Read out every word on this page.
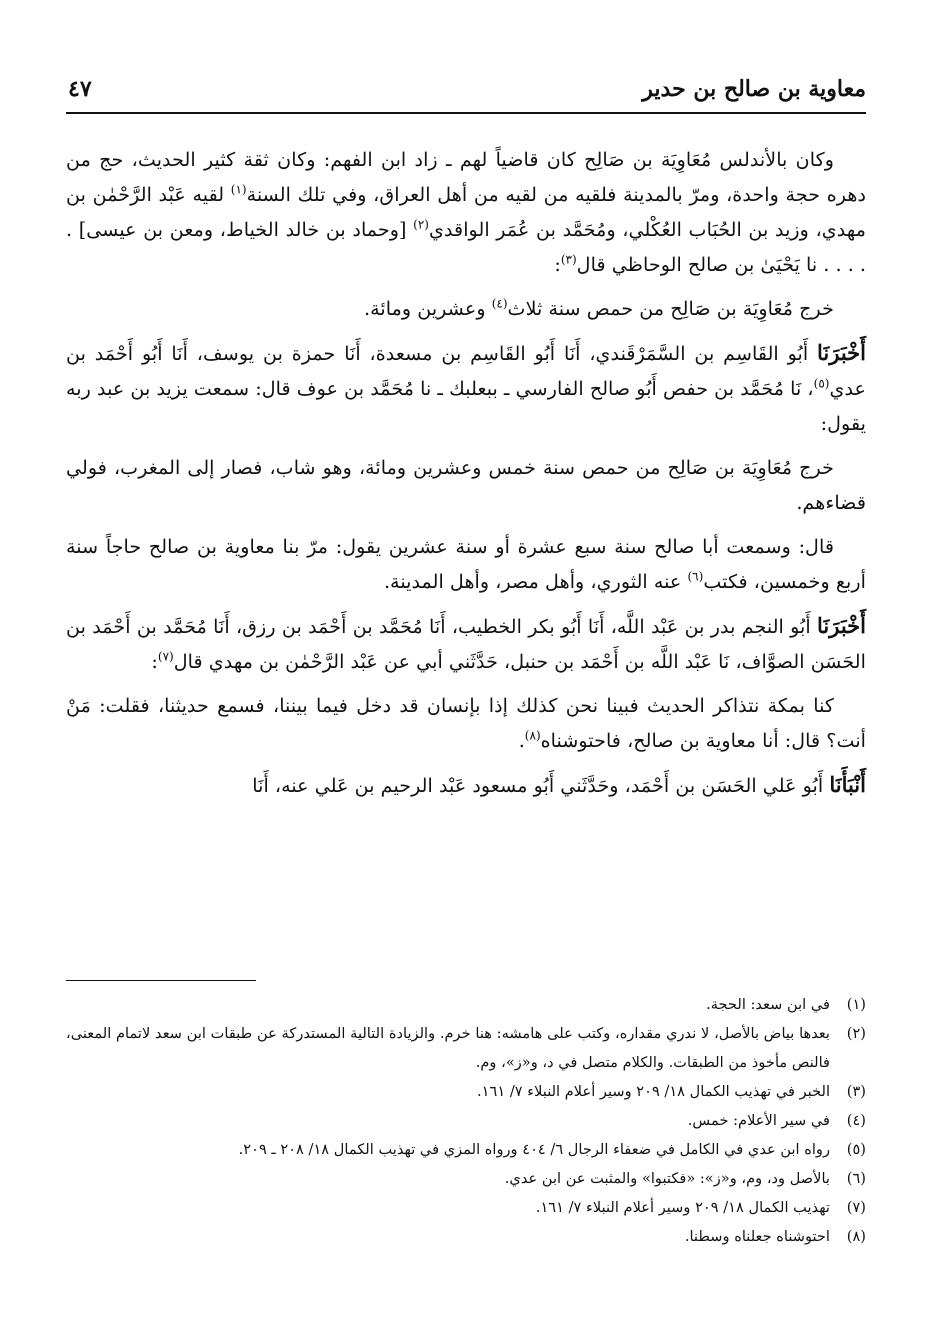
معاوية بن صالح بن حدير
٤٧

وكان بالأندلس مُعَاوِيَة بن صَالِح كان قاضياً لهم ـ زاد ابن الفهم: وكان ثقة كثير الحديث، حج من دهره حجة واحدة، ومرّ بالمدينة فلقيه من لقيه من أهل العراق، وفي تلك السنة$^{(١)}$ لقيه عَبْد الرَّحْمٰن بن مهدي، وزيد بن الحُبَاب العُكْلي، ومُحَمَّد بن عُمَر الواقدي$^{(٢)}$ [وحماد بن خالد الخياط، ومعن بن عيسى] . . . . . نا يَحْيَىٰ بن صالح الوحاظي قال$^{(٣)}$:

خرج مُعَاوِيَة بن صَالِح من حمص سنة ثلاث$^{(٤)}$ وعشرين ومائة.

أَخْبَرَنَا أَبُو القَاسِم بن السَّمَرْقَندي، أَنَا أَبُو القَاسِم بن مسعدة، أَنَا حمزة بن يوسف، أَنَا أَبُو أَحْمَد بن عدي$^{(٥)}$، نَا مُحَمَّد بن حفص أَبُو صالح الفارسي ـ ببعلبك ـ نا مُحَمَّد بن عوف قال: سمعت يزيد بن عبد ربه يقول:

خرج مُعَاوِيَة بن صَالِح من حمص سنة خمس وعشرين ومائة، وهو شاب، فصار إلى المغرب، فولي قضاءهم.

قال: وسمعت أبا صالح سنة سبع عشرة أو سنة عشرين يقول: مرّ بنا معاوية بن صالح حاجاً سنة أربع وخمسين، فكتب$^{(٦)}$ عنه الثوري، وأهل مصر، وأهل المدينة.

أَخْبَرَنَا أَبُو النجم بدر بن عَبْد اللَّه، أَنَا أَبُو بكر الخطيب، أَنَا مُحَمَّد بن أَحْمَد بن رزق، أَنَا مُحَمَّد بن أَحْمَد بن الحَسَن الصوَّاف، نَا عَبْد اللَّه بن أَحْمَد بن حنبل، حَدَّثَني أبي عن عَبْد الرَّحْمٰن بن مهدي قال$^{(٧)}$:

كنا بمكة نتذاكر الحديث فبينا نحن كذلك إذا بإنسان قد دخل فيما بيننا، فسمع حديثنا، فقلت: مَنْ أنت؟ قال: أنا معاوية بن صالح، فاحتوشناه$^{(٨)}$.

أَنْبَأَنَا أَبُو عَلي الحَسَن بن أَحْمَد، وحَدَّثَني أَبُو مسعود عَبْد الرحيم بن عَلي عنه، أَنَا

(١)
في ابن سعد: الحجة.
(٢)
بعدها بياض بالأصل، لا ندري مقداره، وكتب على هامشه: هنا خرم. والزيادة التالية المستدركة عن طبقات ابن سعد لاتمام المعنى، فالنص مأخوذ من الطبقات. والكلام متصل في د، و«ز»، وم.
(٣)
الخبر في تهذيب الكمال ١٨/ ٢٠٩ وسير أعلام النبلاء ٧/ ١٦١.
(٤)
في سير الأعلام: خمس.
(٥)
رواه ابن عدي في الكامل في ضعفاء الرجال ٦/ ٤٠٤ ورواه المزي في تهذيب الكمال ١٨/ ٢٠٨ ـ ٢٠٩.
(٦)
بالأصل ود، وم، و«ز»: «فكتبوا» والمثبت عن ابن عدي.
(٧)
تهذيب الكمال ١٨/ ٢٠٩ وسير أعلام النبلاء ٧/ ١٦١.
(٨)
احتوشناه جعلناه وسطنا.
